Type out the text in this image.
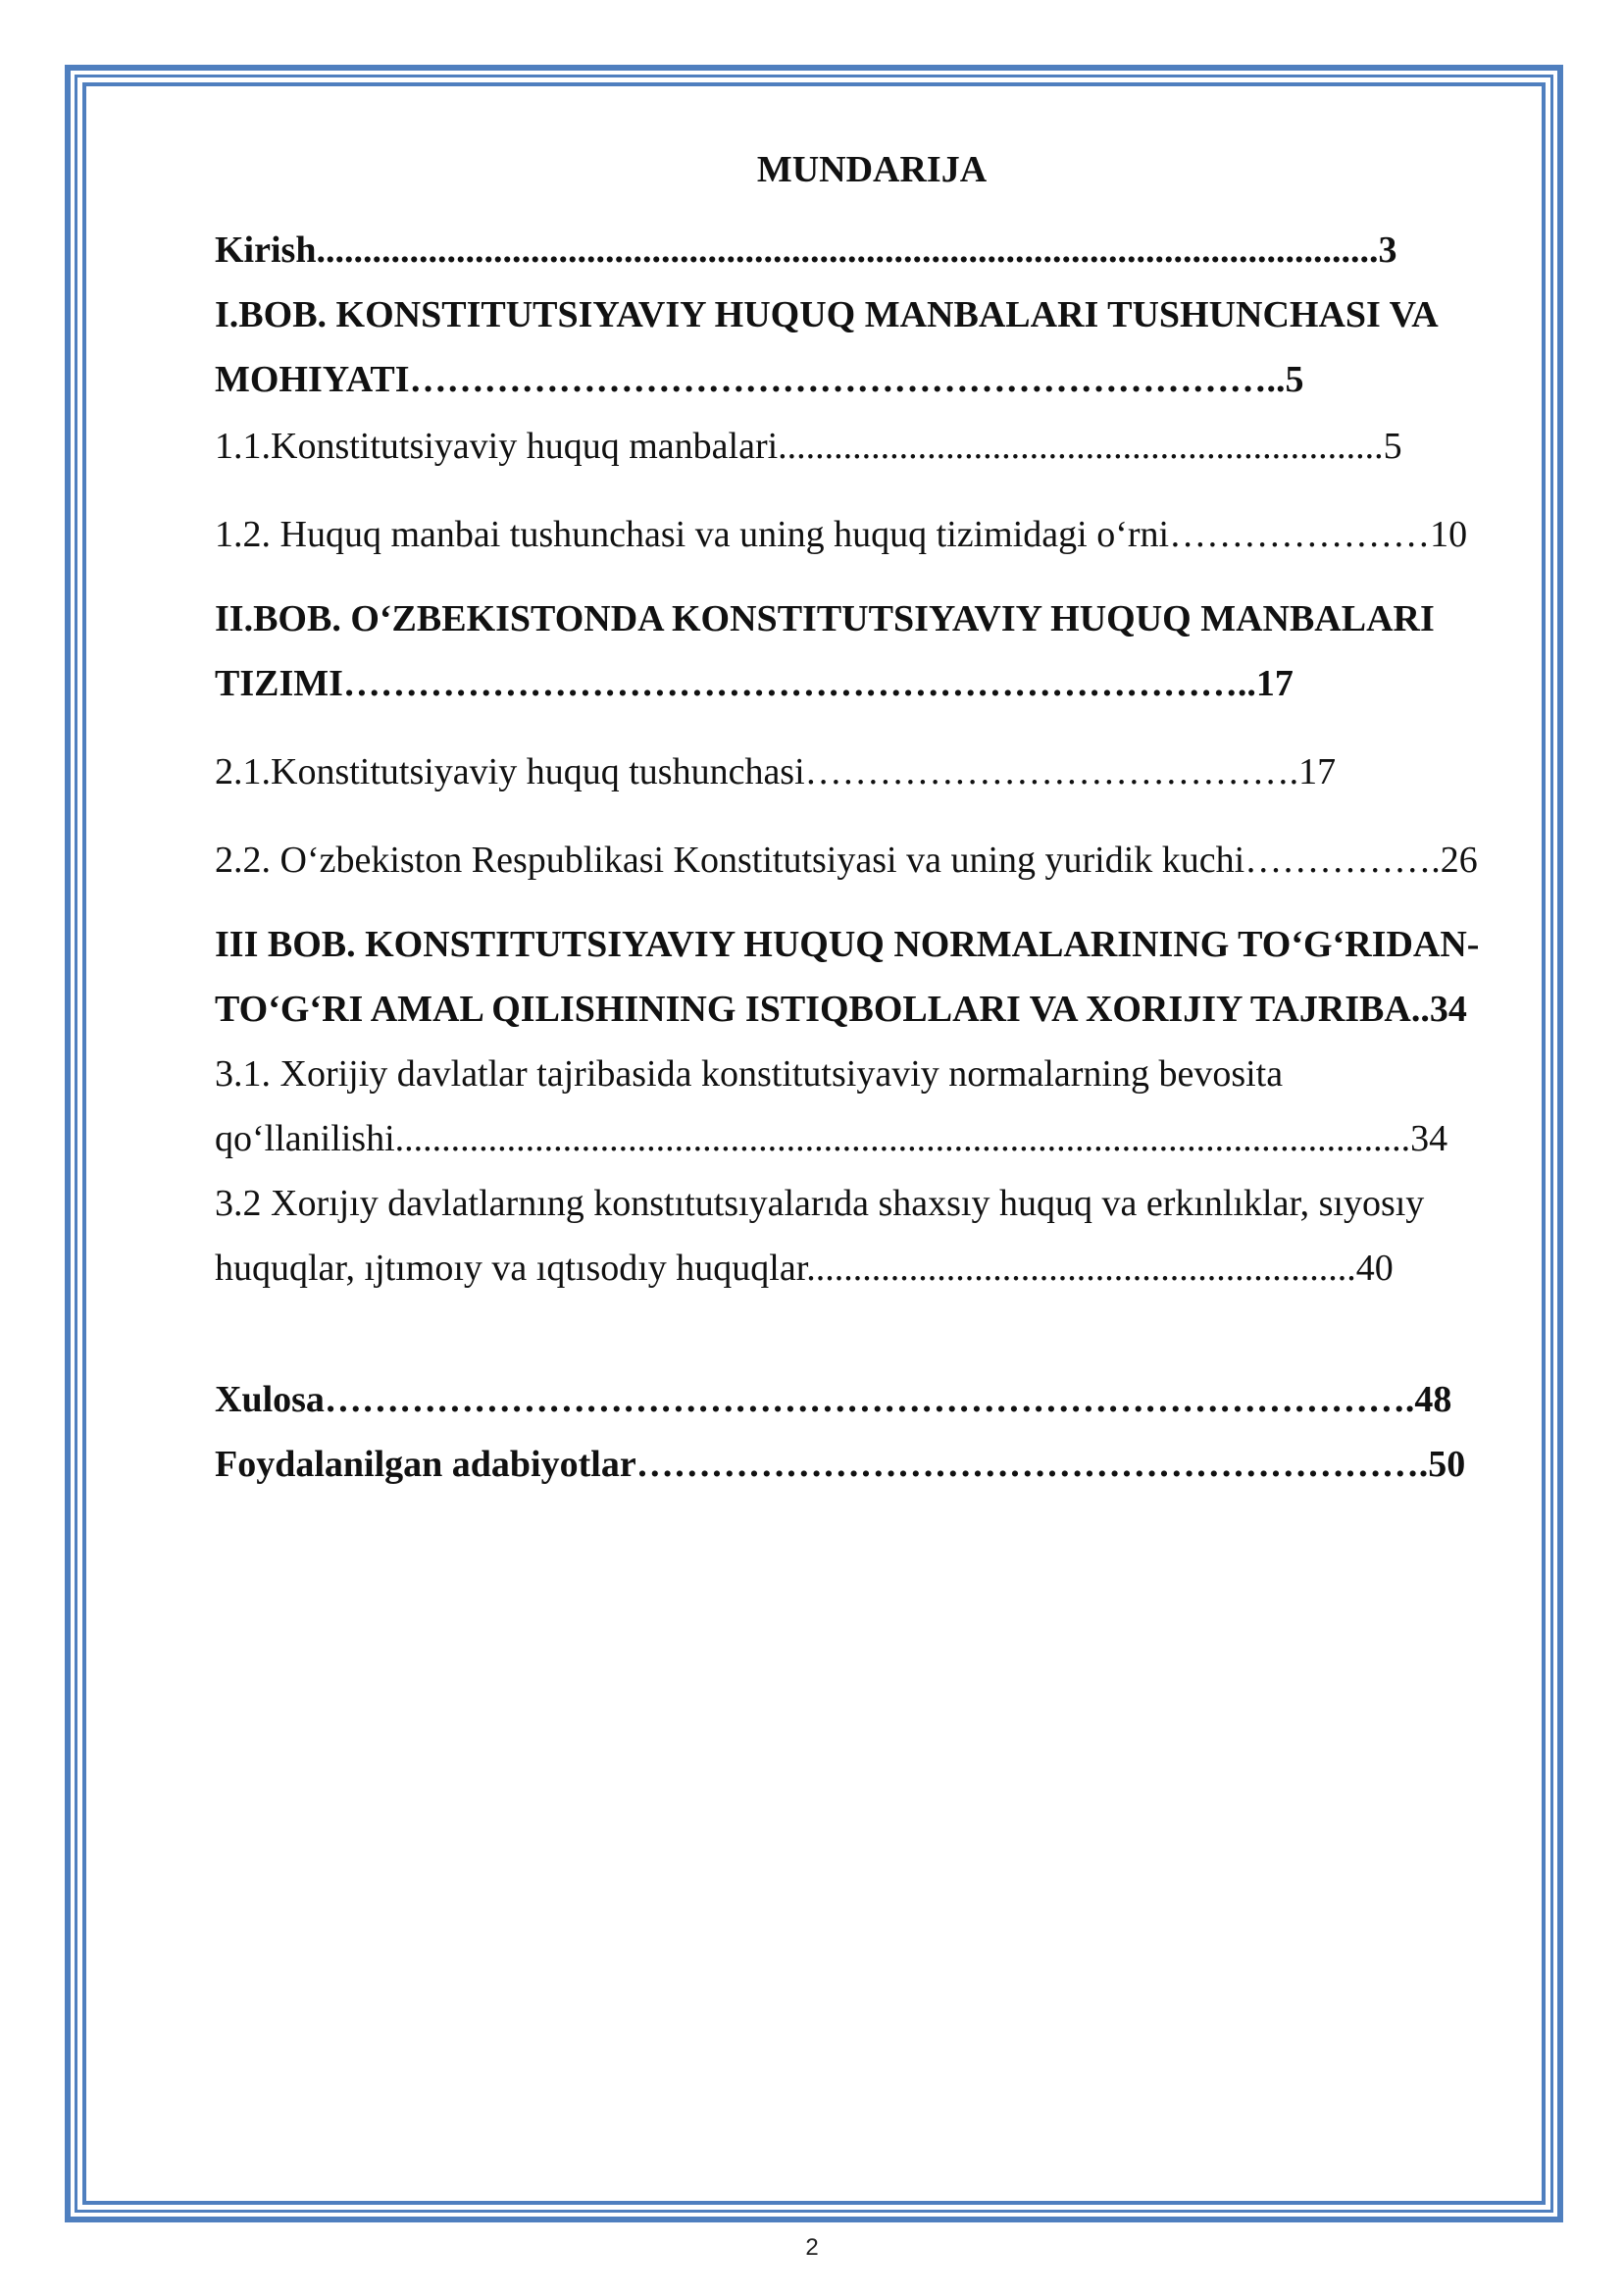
MUNDARIJA
Kirish..................................................................................................................3
I.BOB. KONSTITUTSIYAVIY HUQUQ MANBALARI TUSHUNCHASI VA
MOHIYATI……………………………………………………………..5
1.1.Konstitutsiyaviy huquq manbalari.................................................................5
1.2. Huquq manbai tushunchasi va uning huquq tizimidagi o‘rni…………………10
II.BOB. O‘ZBEKISTONDA KONSTITUTSIYAVIY HUQUQ MANBALARI
TIZIMI………………………………………………………………..17
2.1.Konstitutsiyaviy huquq tushunchasi………………………………….17
2.2. O‘zbekiston Respublikasi Konstitutsiyasi va uning yuridik kuchi…………….26
III BOB. KONSTITUTSIYAVIY HUQUQ NORMALARINING TO‘G‘RIDAN-
TO‘G‘RI AMAL QILISHINING ISTIQBOLLARI VA XORIJIY TAJRIBA..34
3.1. Xorijiy davlatlar tajribasida konstitutsiyaviy normalarning bevosita
qo‘llanilishi.............................................................................................................34
3.2 Xorıjıy davlatlarnıng konstıtutsıyalarıda shaxsıy huquq va erkınlıklar, sıyosıy
huquqlar, ıjtımoıy va ıqtısodıy huquqlar...........................................................40
Xulosa…………………………………………………………………………….48
Foydalanilgan adabiyotlar……………………………………………………….50
2
